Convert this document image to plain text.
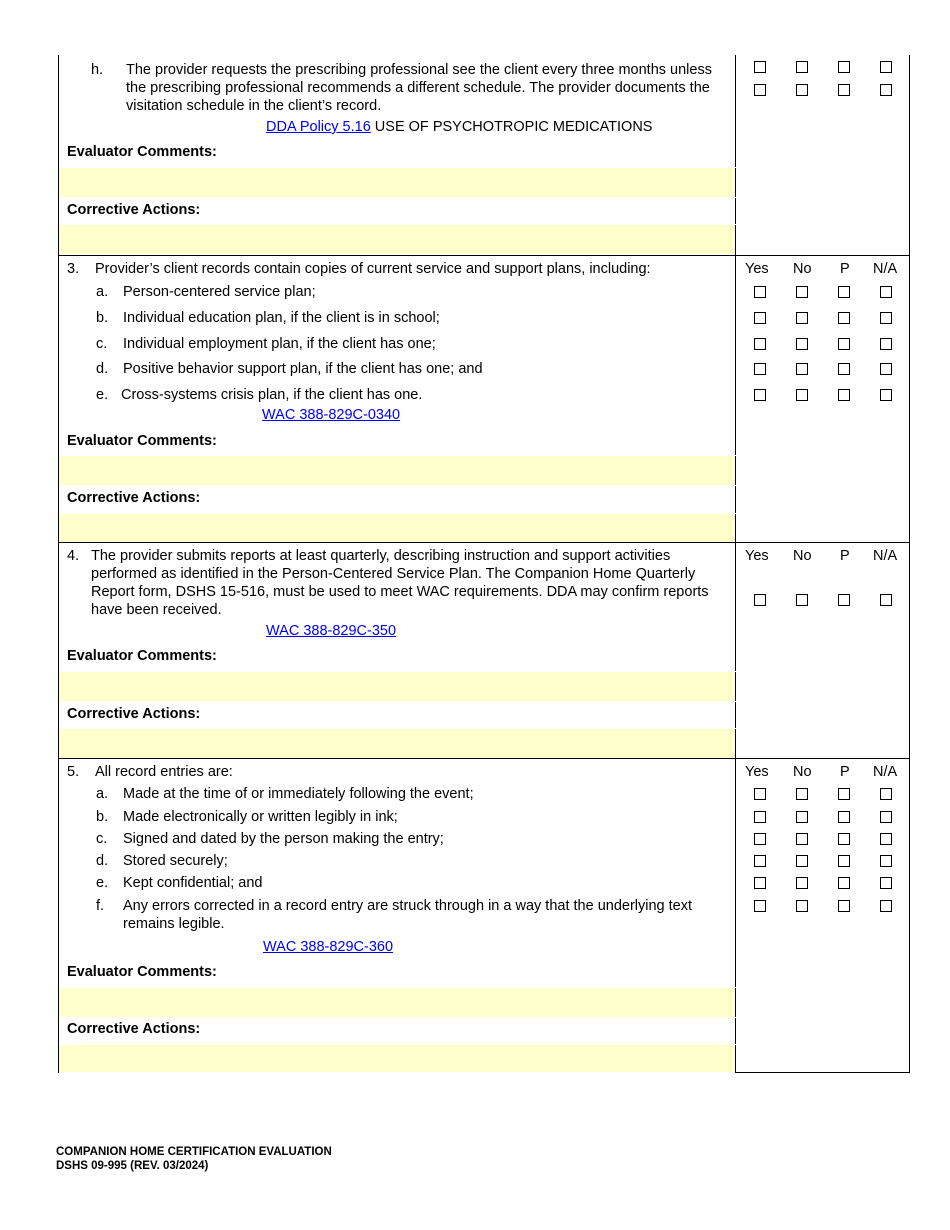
h. The provider requests the prescribing professional see the client every three months unless the prescribing professional recommends a different schedule. The provider documents the visitation schedule in the client’s record.
DDA Policy 5.16 USE OF PSYCHOTROPIC MEDICATIONS
Evaluator Comments:
Corrective Actions:
3. Provider’s client records contain copies of current service and support plans, including:	Yes No P N/A
a. Person-centered service plan;
b. Individual education plan, if the client is in school;
c. Individual employment plan, if the client has one;
d. Positive behavior support plan, if the client has one; and
e. Cross-systems crisis plan, if the client has one.
WAC 388-829C-0340
Evaluator Comments:
Corrective Actions:
4. The provider submits reports at least quarterly, describing instruction and support activities performed as identified in the Person-Centered Service Plan. The Companion Home Quarterly Report form, DSHS 15-516, must be used to meet WAC requirements. DDA may confirm reports have been received.
Yes No P N/A
WAC 388-829C-350
Evaluator Comments:
Corrective Actions:
5. All record entries are:	Yes No P N/A
a. Made at the time of or immediately following the event;
b. Made electronically or written legibly in ink;
c. Signed and dated by the person making the entry;
d. Stored securely;
e. Kept confidential; and
f. Any errors corrected in a record entry are struck through in a way that the underlying text remains legible.
WAC 388-829C-360
Evaluator Comments:
Corrective Actions:
COMPANION HOME CERTIFICATION EVALUATION
DSHS 09-995 (REV. 03/2024)
